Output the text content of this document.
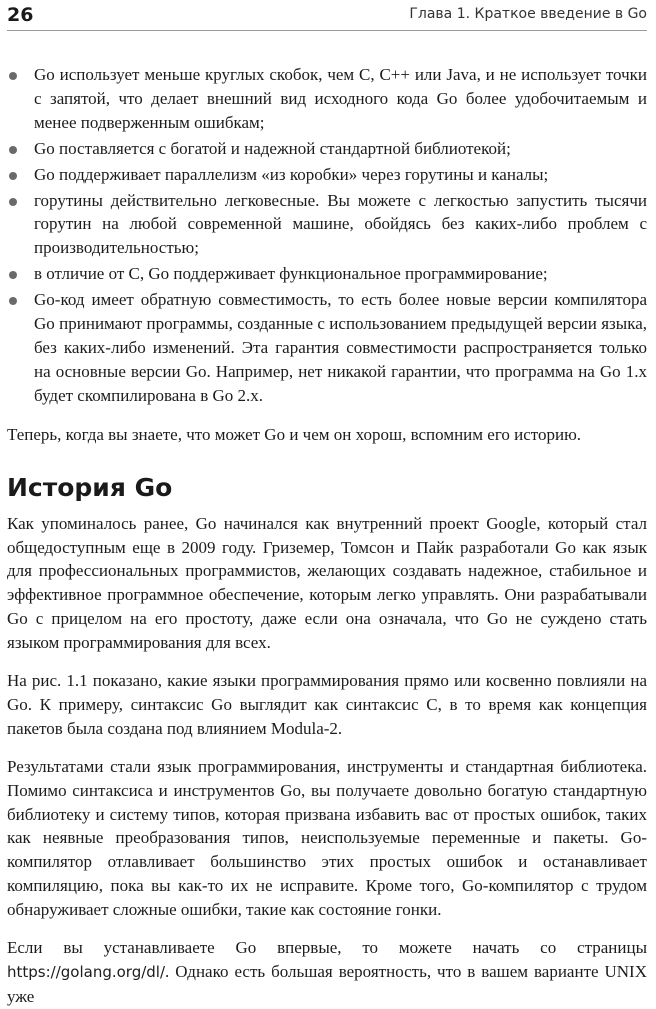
26	Глава 1. Краткое введение в Go

Go использует меньше круглых скобок, чем C, C++ или Java, и не использует точки с запятой, что делает внешний вид исходного кода Go более удобочитаемым и менее подверженным ошибкам;

Go поставляется с богатой и надежной стандартной библиотекой;

Go поддерживает параллелизм «из коробки» через горутины и каналы;

горутины действительно легковесные. Вы можете с легкостью запустить тысячи горутин на любой современной машине, обойдясь без каких-либо проблем с производительностью;

в отличие от C, Go поддерживает функциональное программирование;

Go-код имеет обратную совместимость, то есть более новые версии компилятора Go принимают программы, созданные с использованием предыдущей версии языка, без каких-либо изменений. Эта гарантия совместимости распространяется только на основные версии Go. Например, нет никакой гарантии, что программа на Go 1.x будет скомпилирована в Go 2.x.

Теперь, когда вы знаете, что может Go и чем он хорош, вспомним его историю.

История Go

Как упоминалось ранее, Go начинался как внутренний проект Google, который стал общедоступным еще в 2009 году. Гриземер, Томсон и Пайк разработали Go как язык для профессиональных программистов, желающих создавать надежное, стабильное и эффективное программное обеспечение, которым легко управлять. Они разрабатывали Go с прицелом на его простоту, даже если она означала, что Go не суждено стать языком программирования для всех.

На рис. 1.1 показано, какие языки программирования прямо или косвенно повлияли на Go. К примеру, синтаксис Go выглядит как синтаксис C, в то время как концепция пакетов была создана под влиянием Modula-2.

Результатами стали язык программирования, инструменты и стандартная библиотека. Помимо синтаксиса и инструментов Go, вы получаете довольно богатую стандартную библиотеку и систему типов, которая призвана избавить вас от простых ошибок, таких как неявные преобразования типов, неиспользуемые переменные и пакеты. Go-компилятор отлавливает большинство этих простых ошибок и останавливает компиляцию, пока вы как-то их не исправите. Кроме того, Go-компилятор с трудом обнаруживает сложные ошибки, такие как состояние гонки.

Если вы устанавливаете Go впервые, то можете начать со страницы https://golang.org/dl/. Однако есть большая вероятность, что в вашем варианте UNIX уже
